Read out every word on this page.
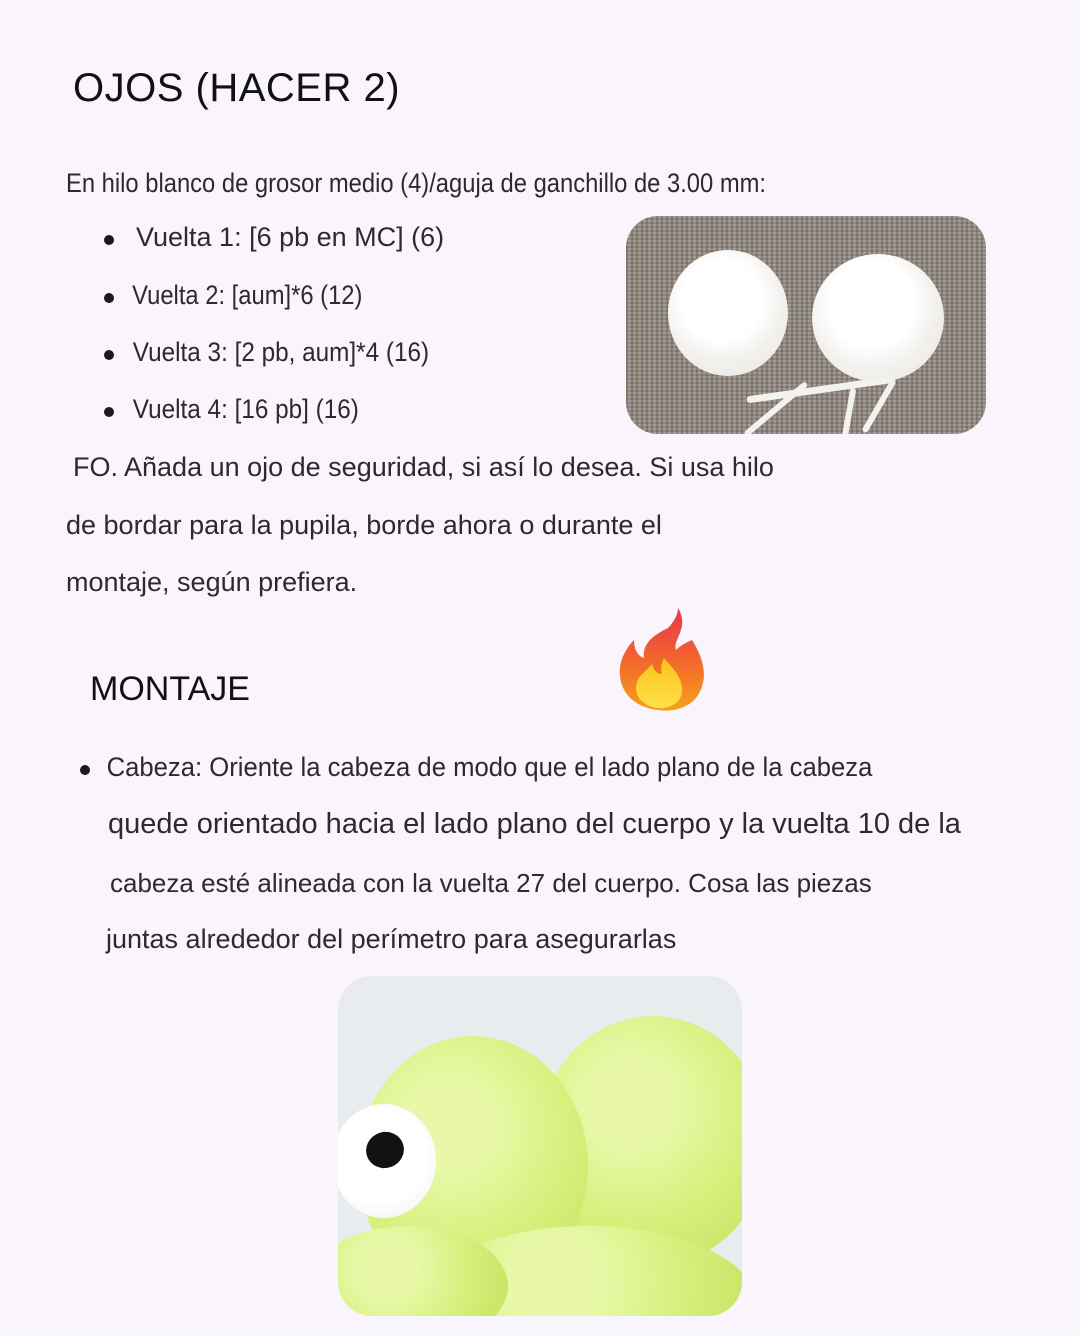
OJOS (HACER 2)
En hilo blanco de grosor medio (4)/aguja de ganchillo de 3.00 mm:
Vuelta 1: [6 pb en MC] (6)
Vuelta 2: [aum]*6 (12)
Vuelta 3: [2 pb, aum]*4 (16)
Vuelta 4: [16 pb] (16)
FO. Añada un ojo de seguridad, si así lo desea. Si usa hilo
de bordar para la pupila, borde ahora o durante el
montaje, según prefiera.
MONTAJE
Cabeza: Oriente la cabeza de modo que el lado plano de la cabeza
quede orientado hacia el lado plano del cuerpo y la vuelta 10 de la
cabeza esté alineada con la vuelta 27 del cuerpo. Cosa las piezas
juntas alrededor del perímetro para asegurarlas
